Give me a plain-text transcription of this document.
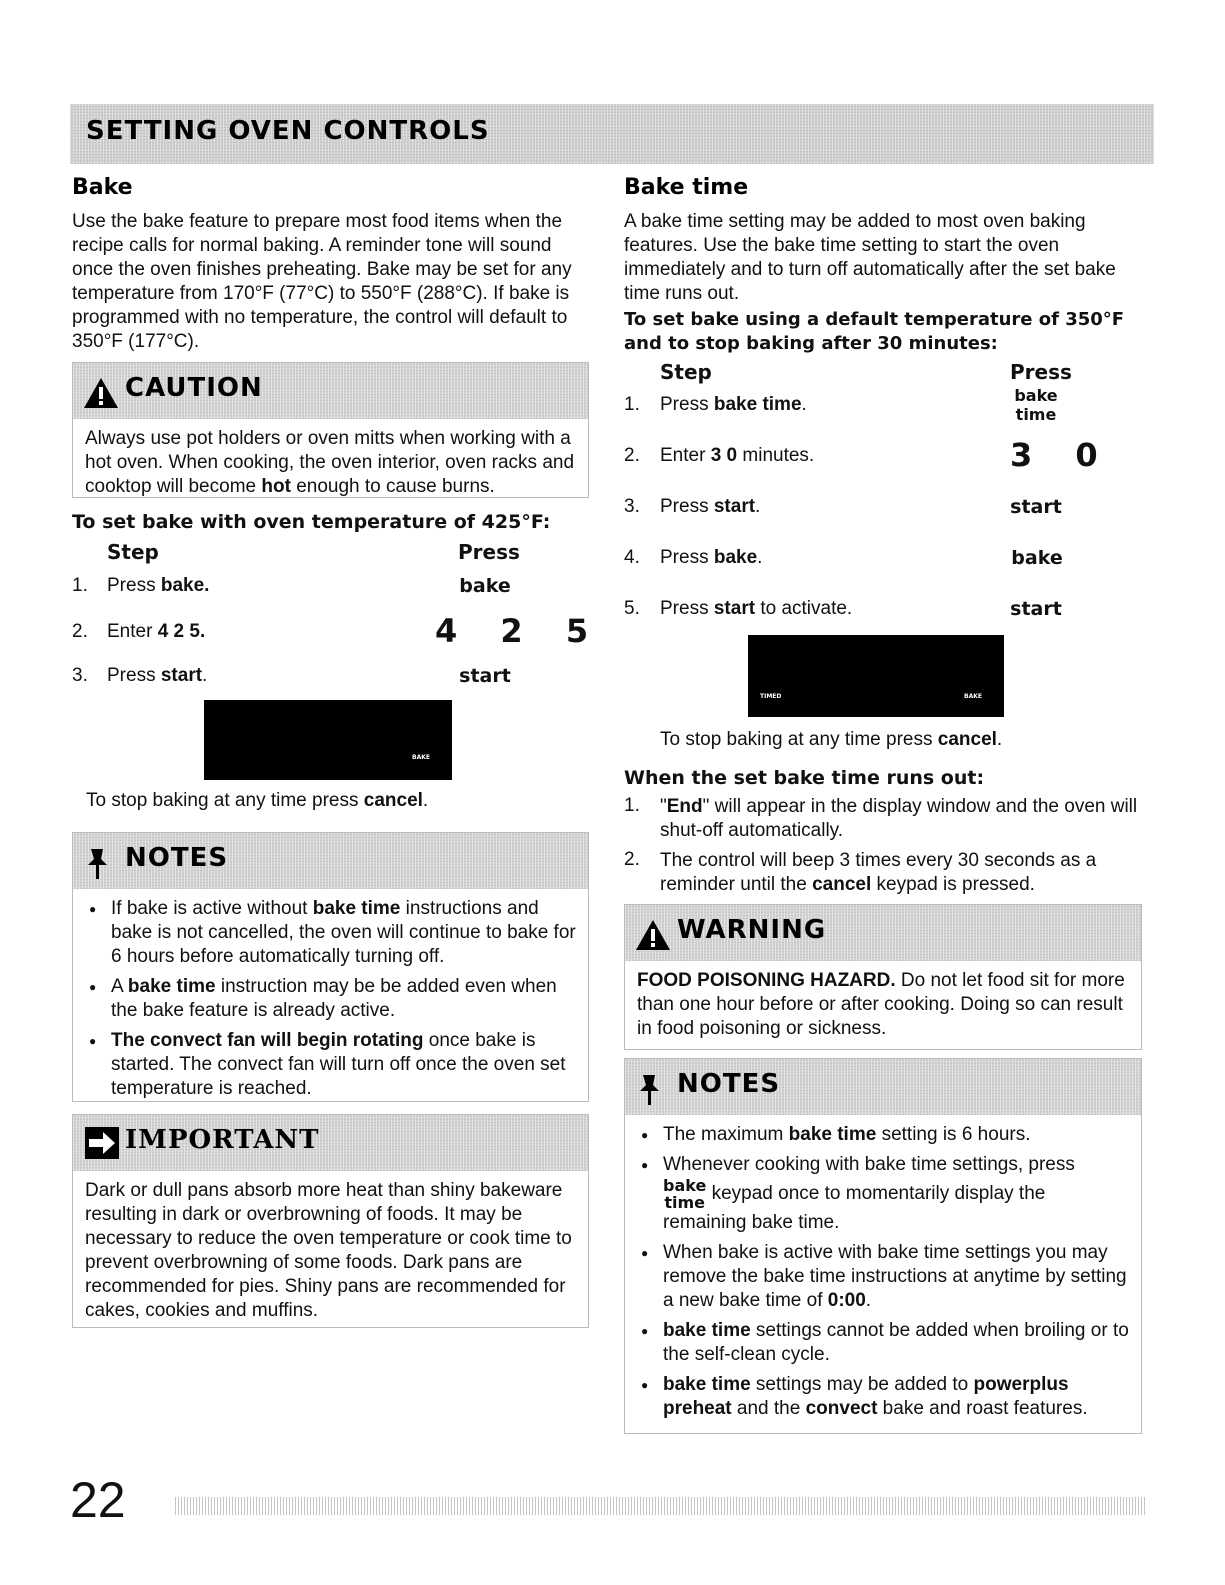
SETTING OVEN CONTROLS
Bake
Use the bake feature to prepare most food items when the recipe calls for normal baking. A reminder tone will sound once the oven finishes preheating. Bake may be set for any temperature from 170°F (77°C) to 550°F (288°C). If bake is programmed with no temperature, the control will default to 350°F (177°C).
CAUTION
Always use pot holders or oven mitts when working with a hot oven. When cooking, the oven interior, oven racks and cooktop will become hot enough to cause burns.
To set bake with oven temperature of 425°F:
Step	Press
1. Press bake.	bake
2. Enter 4 2 5.	4 2 5
3. Press start.	start
BAKE
To stop baking at any time press cancel.
NOTES
● If bake is active without bake time instructions and bake is not cancelled, the oven will continue to bake for 6 hours before automatically turning off.
● A bake time instruction may be be added even when the bake feature is already active.
● The convect fan will begin rotating once bake is started. The convect fan will turn off once the oven set temperature is reached.
IMPORTANT
Dark or dull pans absorb more heat than shiny bakeware resulting in dark or overbrowning of foods. It may be necessary to reduce the oven temperature or cook time to prevent overbrowning of some foods. Dark pans are recommended for pies. Shiny pans are recommended for cakes, cookies and muffins.
Bake time
A bake time setting may be added to most oven baking features. Use the bake time setting to start the oven immediately and to turn off automatically after the set bake time runs out.
To set bake using a default temperature of 350°F and to stop baking after 30 minutes:
Step	Press
1. Press bake time.	bake
time
2. Enter 3 0 minutes.	3 0
3. Press start.	start
4. Press bake.	bake
5. Press start to activate.	start
TIMED	BAKE
To stop baking at any time press cancel.
When the set bake time runs out:
1. "End" will appear in the display window and the oven will shut-off automatically.
2. The control will beep 3 times every 30 seconds as a reminder until the cancel keypad is pressed.
WARNING
FOOD POISONING HAZARD. Do not let food sit for more than one hour before or after cooking. Doing so can result in food poisoning or sickness.
NOTES
● The maximum bake time setting is 6 hours.
● Whenever cooking with bake time settings, press
bake
time keypad once to momentarily display the remaining bake time.
● When bake is active with bake time settings you may remove the bake time instructions at anytime by setting a new bake time of 0:00.
● bake time settings cannot be added when broiling or to the self-clean cycle.
● bake time settings may be added to powerplus preheat and the convect bake and roast features.
22
